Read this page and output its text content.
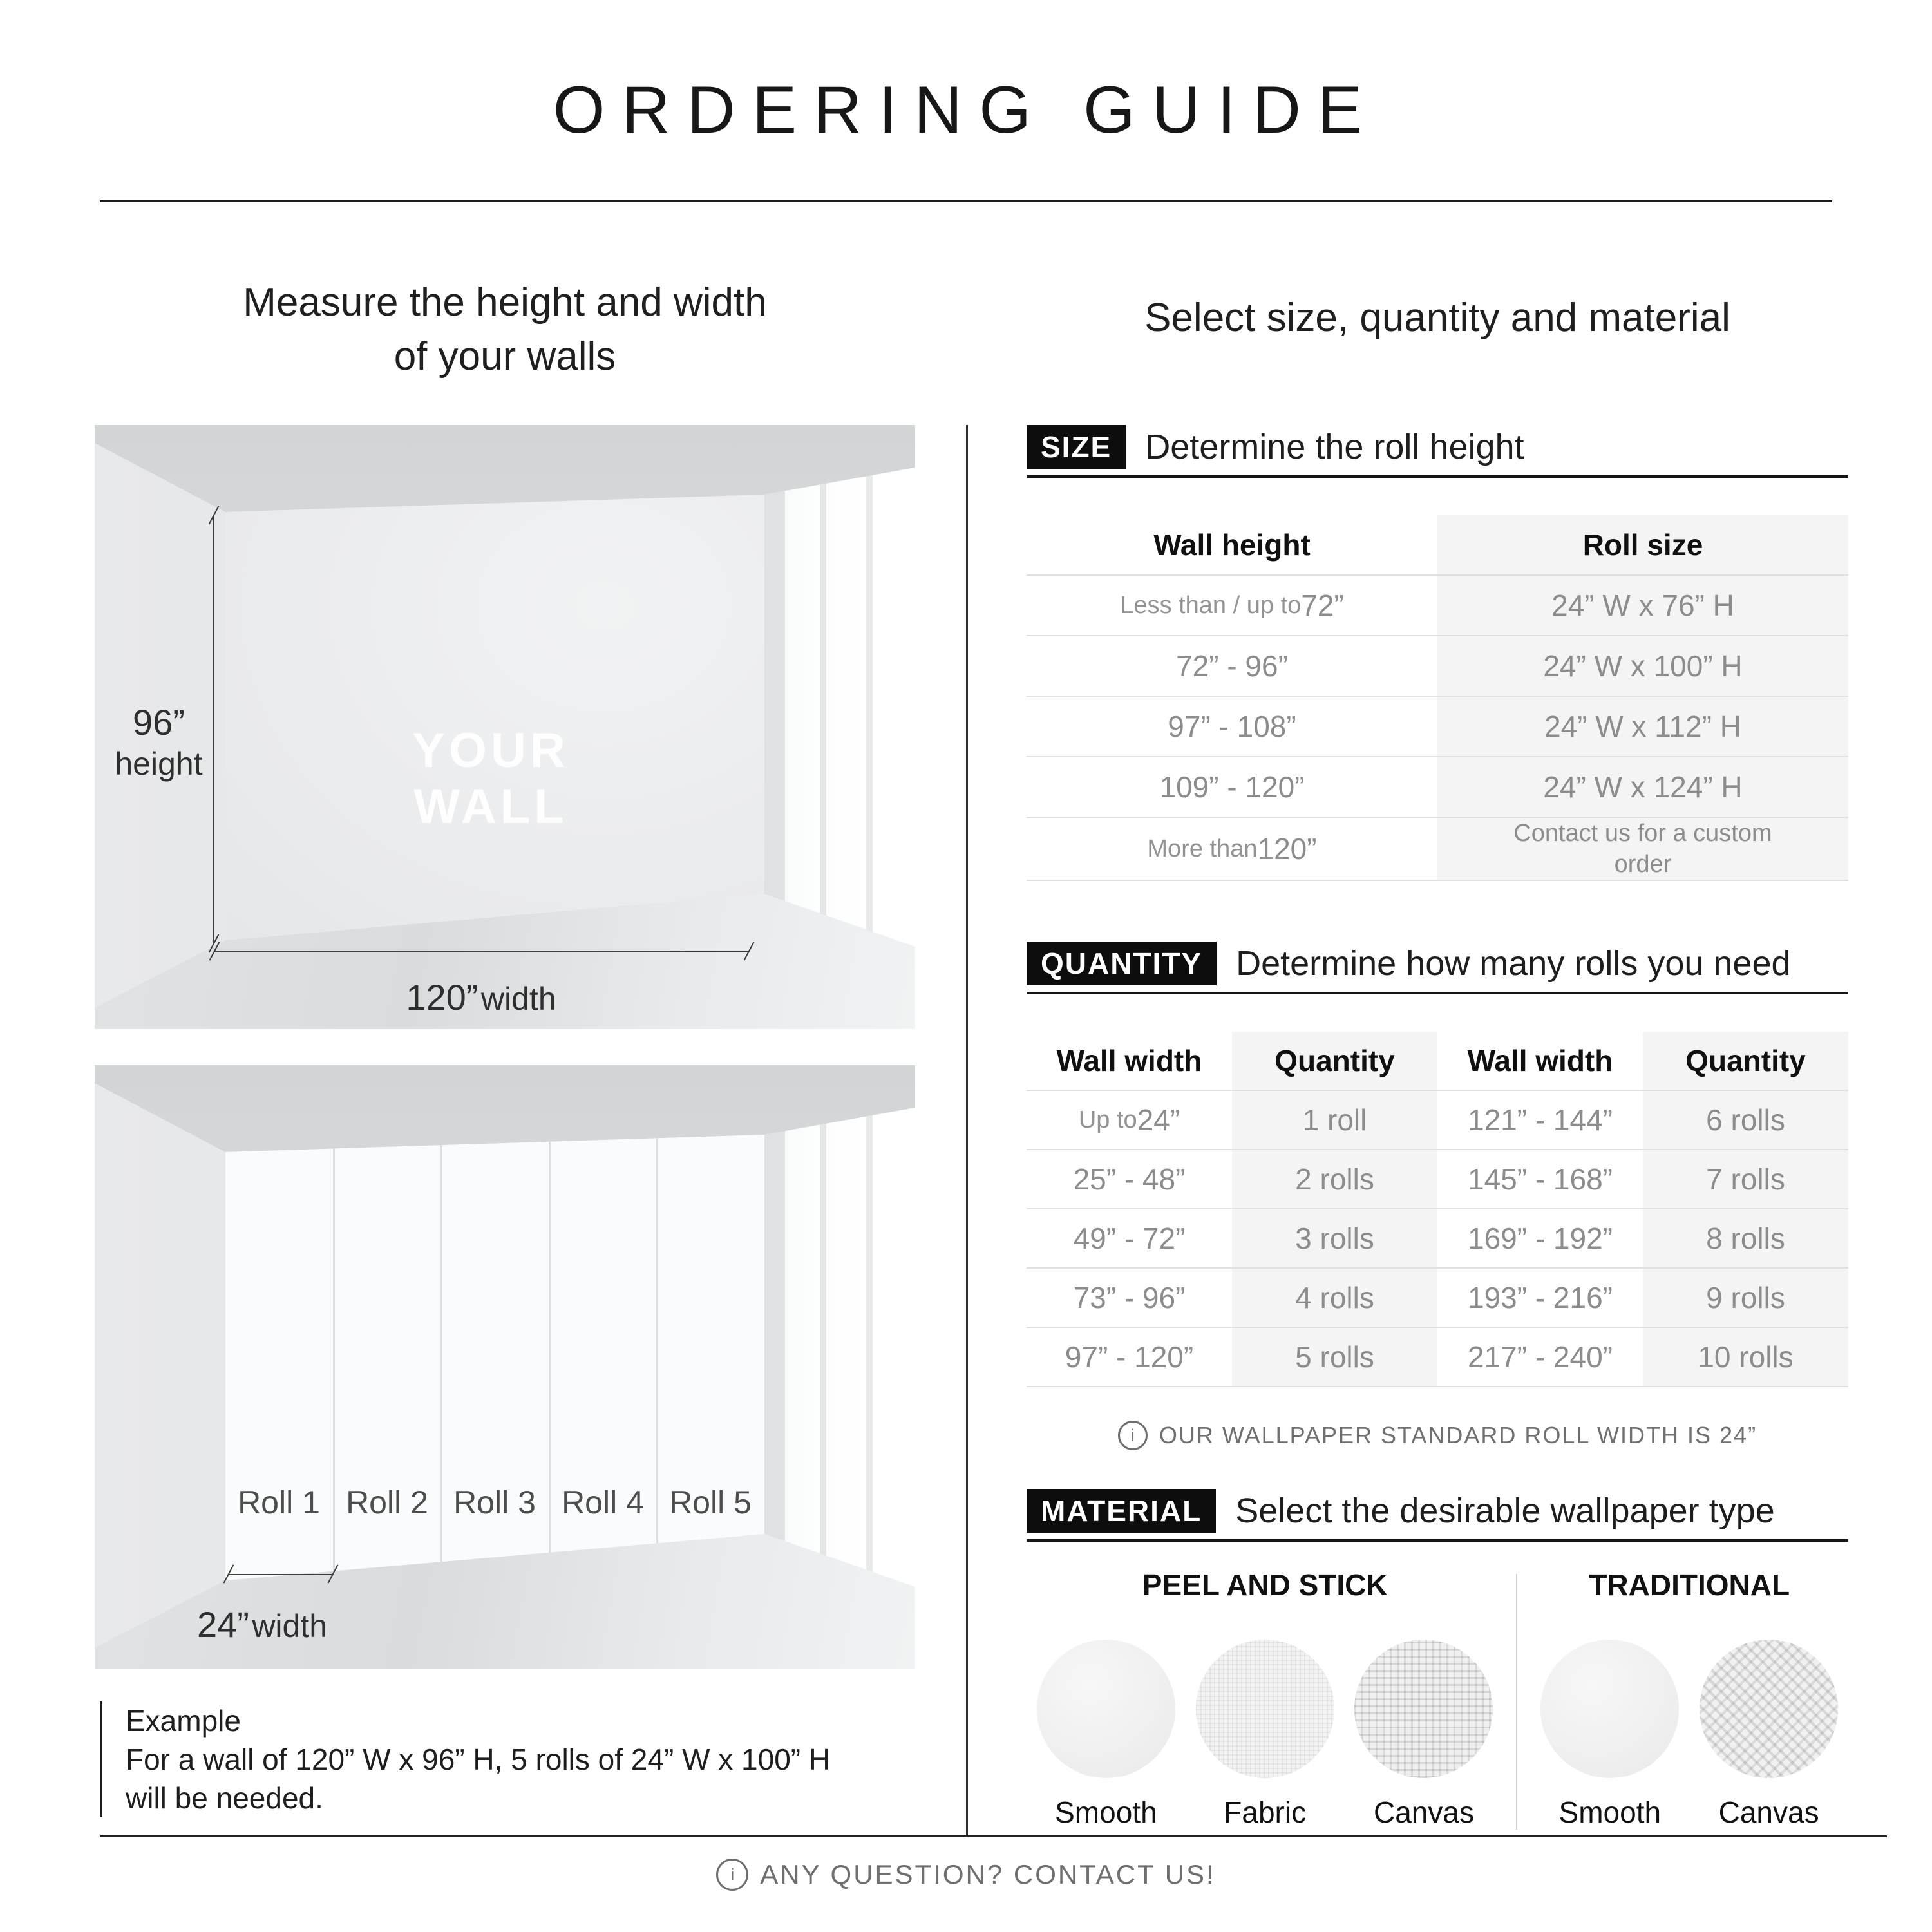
ORDERING GUIDE
Measure the height and width
of your walls
Select size, quantity and material
YOUR WALL
96”
height
120” width
Roll 1 Roll 2 Roll 3 Roll 4 Roll 5
24” width
Example
For a wall of 120” W x 96” H, 5 rolls of 24” W x 100” H
will be needed.
SIZE Determine the roll height
Wall height	Roll size
Less than / up to 72”	24” W x 76” H
72” - 96”	24” W x 100” H
97” - 108”	24” W x 112” H
109” - 120”	24” W x 124” H
More than 120”	Contact us for a custom order
QUANTITY Determine how many rolls you need
Wall width	Quantity	Wall width	Quantity
Up to 24”	1 roll	121” - 144”	6 rolls
25” - 48”	2 rolls	145” - 168”	7 rolls
49” - 72”	3 rolls	169” - 192”	8 rolls
73” - 96”	4 rolls	193” - 216”	9 rolls
97” - 120”	5 rolls	217” - 240”	10 rolls
i	OUR WALLPAPER STANDARD ROLL WIDTH IS 24”
MATERIAL Select the desirable wallpaper type
PEEL AND STICK
Smooth Fabric Canvas
TRADITIONAL
Smooth Canvas
i ANY QUESTION? CONTACT US!
